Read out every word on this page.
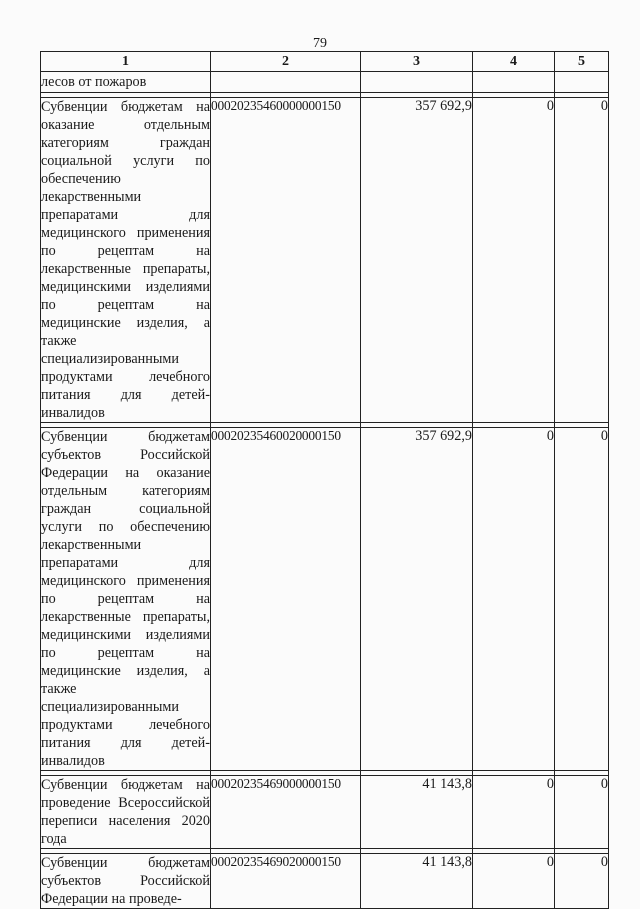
79
1	2	3	4	5
лесов от пожаров				

Субвенции бюджетам на оказание отдельным категориям граждан социальной услуги по обеспечению лекарственными препаратами для медицинского применения по рецептам на лекарственные препараты, медицинскими изделиями по рецептам на медицинские изделия, а также специализированными продуктами лечебного питания для детей-инвалидов	00020235460000000150	357 692,9	0	0

Субвенции бюджетам субъектов Российской Федерации на оказание отдельным категориям граждан социальной услуги по обеспечению лекарственными препаратами для медицинского применения по рецептам на лекарственные препараты, медицинскими изделиями по рецептам на медицинские изделия, а также специализированными продуктами лечебного питания для детей-инвалидов	00020235460020000150	357 692,9	0	0

Субвенции бюджетам на проведение Всероссийской переписи населения 2020 года	00020235469000000150	41 143,8	0	0

Субвенции бюджетам субъектов Российской Федерации на проведе-	00020235469020000150	41 143,8	0	0
